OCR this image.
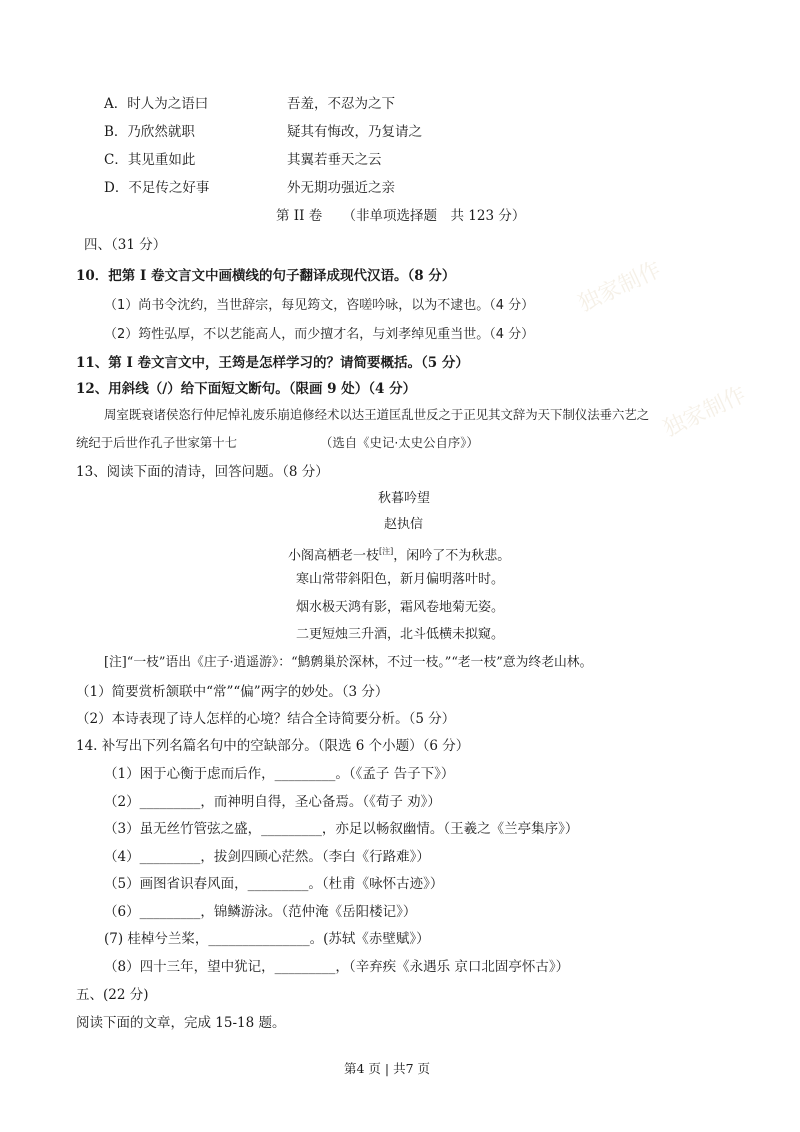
独家制作
独家制作
A．时人为之语曰	吾羞，不忍为之下
B．乃欣然就职	疑其有悔改，乃复请之
C．其见重如此	其翼若垂天之云
D．不足传之好事	外无期功强近之亲
第 II 卷　　（非单项选择题　共 123 分）
四、（31 分）
10．把第 I 卷文言文中画横线的句子翻译成现代汉语。（8 分）
（1）尚书令沈约，当世辞宗，每见筠文，咨嗟吟咏，以为不逮也。（4 分）
（2）筠性弘厚，不以艺能高人，而少擅才名，与刘孝绰见重当世。（4 分）
11、第 I 卷文言文中，王筠是怎样学习的？请简要概括。（5 分）
12、用斜线（/）给下面短文断句。（限画 9 处）（4 分）
周室既衰诸侯恣行仲尼悼礼废乐崩追修经术以达王道匡乱世反之于正见其文辞为天下制仪法垂六艺之
统纪于后世作孔子世家第十七	（选自《史记·太史公自序》）
13、阅读下面的清诗，回答问题。（8 分）
秋暮吟望
赵执信
小阁高栖老一枝[注]，闲吟了不为秋悲。
寒山常带斜阳色，新月偏明落叶时。
烟水极天鸿有影，霜风卷地菊无姿。
二更短烛三升酒，北斗低横未拟窥。
[注]“一枝”语出《庄子·逍遥游》：“鹪鹩巢於深林，不过一枝。”“老一枝”意为终老山林。
（1）简要赏析颔联中“常”“偏”两字的妙处。（3 分）
（2）本诗表现了诗人怎样的心境？结合全诗简要分析。（5 分）
14. 补写出下列名篇名句中的空缺部分。（限选 6 个小题）（6 分）
（1）困于心衡于虑而后作，_________。（《孟子 告子下》）
（2）_________，而神明自得，圣心备焉。（《荀子 劝》）
（3）虽无丝竹管弦之盛，_________，亦足以畅叙幽情。（王羲之《兰亭集序》）
（4）_________，拔剑四顾心茫然。（李白《行路难》）
（5）画图省识春风面，_________。（杜甫《咏怀古迹》）
（6）_________，锦鳞游泳。（范仲淹《岳阳楼记》）
(7) 桂棹兮兰桨，_______________。(苏轼《赤壁赋》）
（8）四十三年，望中犹记，_________，（辛弃疾《永遇乐 京口北固亭怀古》）
五、(22 分)
阅读下面的文章，完成 15-18 题。
第4 页 | 共7 页
